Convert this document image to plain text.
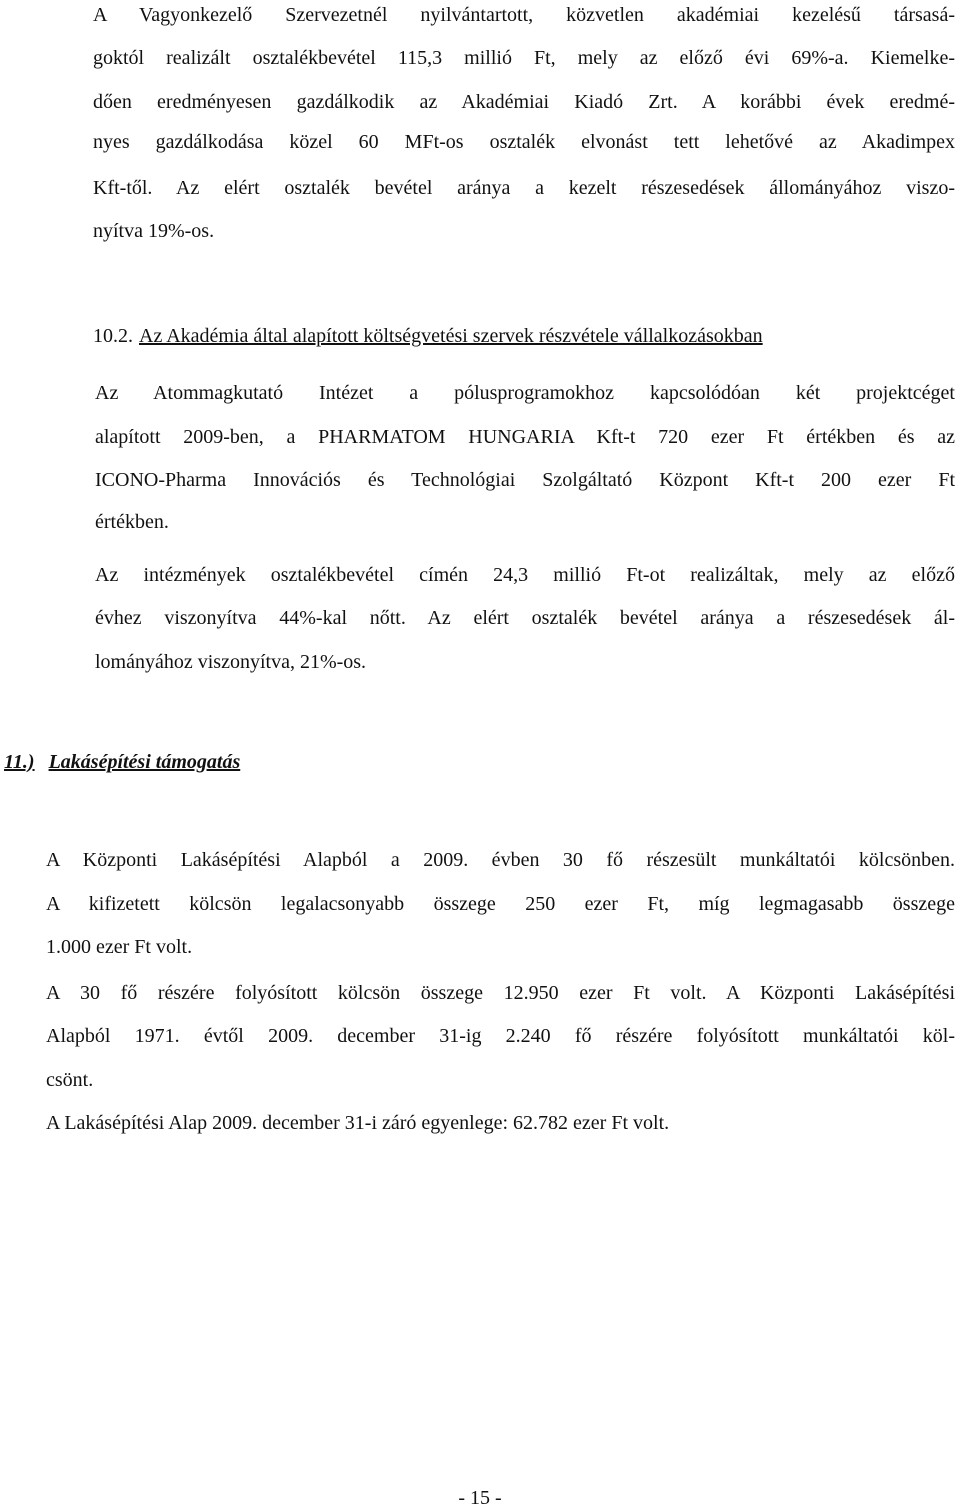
A Vagyonkezelő Szervezetnél nyilvántartott, közvetlen akadémiai kezelésű társasá-
goktól realizált osztalékbevétel 115,3 millió Ft, mely az előző évi 69%-a. Kiemelke-
dően eredményesen gazdálkodik az Akadémiai Kiadó Zrt. A korábbi évek eredmé-
nyes gazdálkodása közel 60 MFt-os osztalék elvonást tett lehetővé az Akadimpex
Kft-től. Az elért osztalék bevétel aránya a kezelt részesedések állományához viszo-
nyítva 19%-os.
10.2. Az Akadémia által alapított költségvetési szervek részvétele vállalkozásokban
Az Atommagkutató Intézet a pólusprogramokhoz kapcsolódóan két projektcéget
alapított 2009-ben, a PHARMATOM HUNGARIA Kft-t 720 ezer Ft értékben és az
ICONO-Pharma Innovációs és Technológiai Szolgáltató Központ Kft-t 200 ezer Ft
értékben.
Az intézmények osztalékbevétel címén 24,3 millió Ft-ot realizáltak, mely az előző
évhez viszonyítva 44%-kal nőtt. Az elért osztalék bevétel aránya a részesedések ál-
lományához viszonyítva, 21%-os.
11.) Lakásépítési támogatás
A Központi Lakásépítési Alapból a 2009. évben 30 fő részesült munkáltatói kölcsönben.
A kifizetett kölcsön legalacsonyabb összege 250 ezer Ft, míg legmagasabb összege
1.000 ezer Ft volt.
A 30 fő részére folyósított kölcsön összege 12.950 ezer Ft volt. A Központi Lakásépítési
Alapból 1971. évtől 2009. december 31-ig 2.240 fő részére folyósított munkáltatói köl-
csönt.
A Lakásépítési Alap 2009. december 31-i záró egyenlege: 62.782 ezer Ft volt.
- 15 -
